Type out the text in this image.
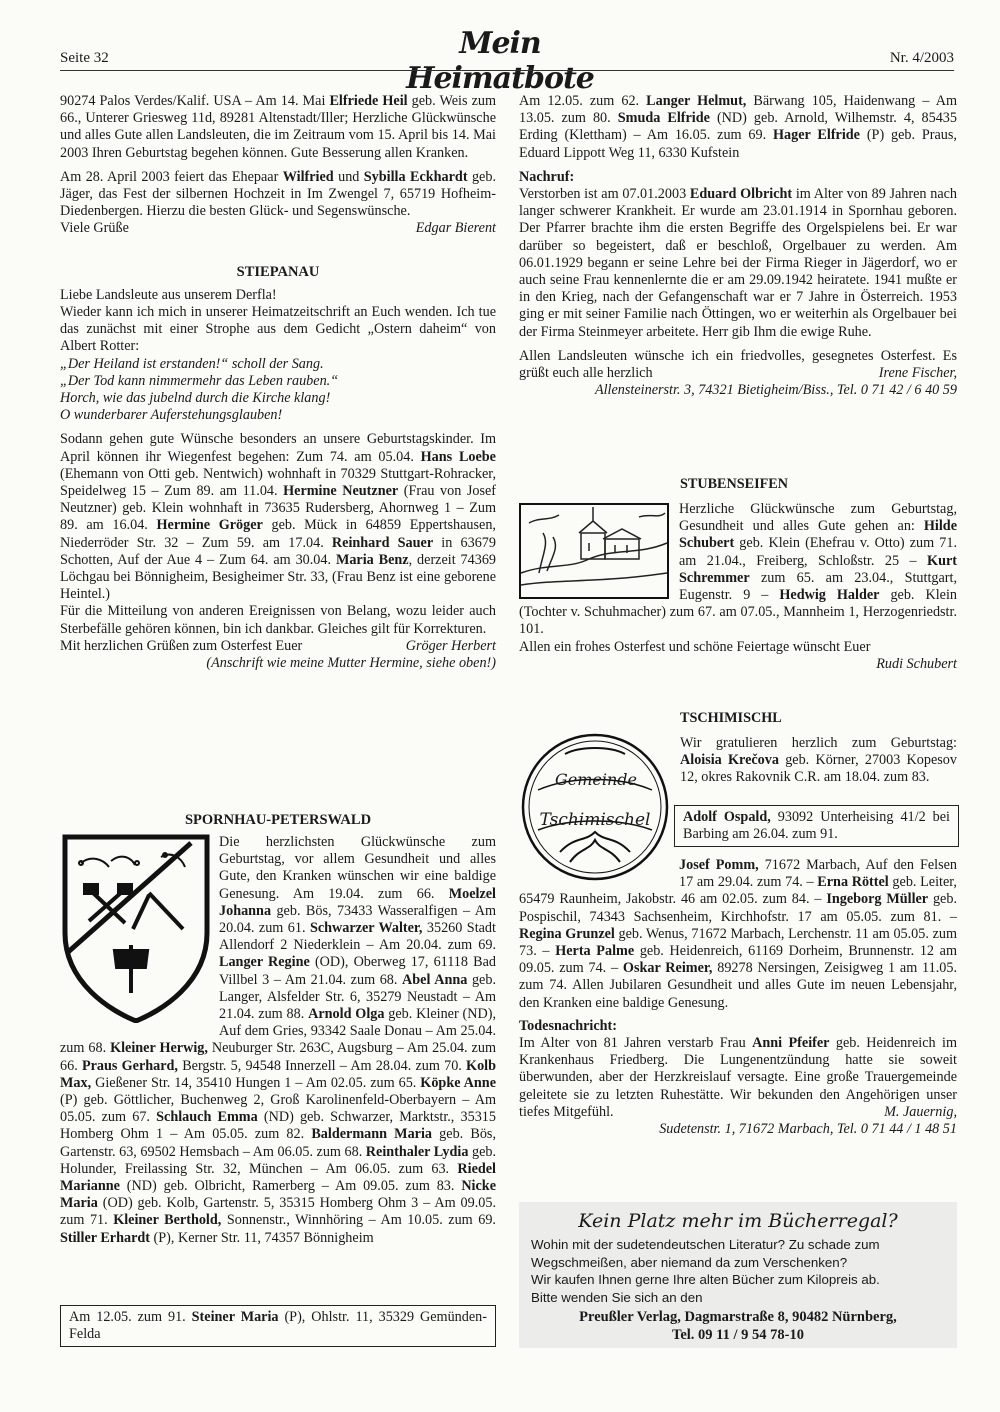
Seite 32	Mein Heimatbote
Nr. 4/2003

90274 Palos Verdes/Kalif. USA – Am 14. Mai Elfriede Heil geb. Weis zum 66., Unterer Griesweg 11d, 89281 Altenstadt/Iller; Herzliche Glückwünsche und alles Gute allen Landsleuten, die im Zeitraum vom 15. April bis 14. Mai 2003 Ihren Geburtstag begehen können. Gute Besserung allen Kranken.

Am 28. April 2003 feiert das Ehepaar Wilfried und Sybilla Eckhardt geb. Jäger, das Fest der silbernen Hochzeit in Im Zwengel 7, 65719 Hofheim-Diedenbergen. Hierzu die besten Glück- und Segenswünsche.

Viele Grüße	Edgar Bierent

STIEPANAU

Liebe Landsleute aus unserem Derfla!

Wieder kann ich mich in unserer Heimatzeitschrift an Euch wenden. Ich tue das zunächst mit einer Strophe aus dem Gedicht „Ostern daheim“ von Albert Rotter:

„Der Heiland ist erstanden!“ scholl der Sang.

„Der Tod kann nimmermehr das Leben rauben.“

Horch, wie das jubelnd durch die Kirche klang!

O wunderbarer Auferstehungsglauben!

Sodann gehen gute Wünsche besonders an unsere Geburtstagskinder. Im April können ihr Wiegenfest begehen: Zum 74. am 05.04. Hans Loebe (Ehemann von Otti geb. Nentwich) wohnhaft in 70329 Stuttgart-Rohracker, Speidelweg 15 – Zum 89. am 11.04. Hermine Neutzner (Frau von Josef Neutzner) geb. Klein wohnhaft in 73635 Rudersberg, Ahornweg 1 – Zum 89. am 16.04. Hermine Gröger geb. Mück in 64859 Eppertshausen, Niederröder Str. 32 – Zum 59. am 17.04. Reinhard Sauer in 63679 Schotten, Auf der Aue 4 – Zum 64. am 30.04. Maria Benz, derzeit 74369 Löchgau bei Bönnigheim, Besigheimer Str. 33, (Frau Benz ist eine geborene Heintel.)

Für die Mitteilung von anderen Ereignissen von Belang, wozu leider auch Sterbefälle gehören können, bin ich dankbar. Gleiches gilt für Korrekturen.

Mit herzlichen Grüßen zum Osterfest Euer	Gröger Herbert

(Anschrift wie meine Mutter Hermine, siehe oben!)

SPORNHAU-PETERSWALD

Die herzlichsten Glückwünsche zum Geburtstag, vor allem Gesundheit und alles Gute, den Kranken wünschen wir eine baldige Genesung. Am 19.04. zum 66. Moelzel Johanna geb. Bös, 73433 Wasseralfigen – Am 20.04. zum 61. Schwarzer Walter, 35260 Stadt Allendorf 2 Niederklein – Am 20.04. zum 69. Langer Regine (OD), Oberweg 17, 61118 Bad Villbel 3 – Am 21.04. zum 68. Abel Anna geb. Langer, Alsfelder Str. 6, 35279 Neustadt – Am 21.04. zum 88. Arnold Olga geb. Kleiner (ND), Auf dem Gries, 93342 Saale Donau – Am 25.04. zum 68. Kleiner Herwig, Neuburger Str. 263C, Augsburg – Am 25.04. zum 66. Praus Gerhard, Bergstr. 5, 94548 Innerzell – Am 28.04. zum 70. Kolb Max, Gießener Str. 14, 35410 Hungen 1 – Am 02.05. zum 65. Köpke Anne (P) geb. Göttlicher, Buchenweg 2, Groß Karolinenfeld-Oberbayern – Am 05.05. zum 67. Schlauch Emma (ND) geb. Schwarzer, Marktstr., 35315 Homberg Ohm 1 – Am 05.05. zum 82. Baldermann Maria geb. Bös, Gartenstr. 63, 69502 Hemsbach – Am 06.05. zum 68. Reinthaler Lydia geb. Holunder, Freilassing Str. 32, München – Am 06.05. zum 63. Riedel Marianne (ND) geb. Olbricht, Ramerberg – Am 09.05. zum 83. Nicke Maria (OD) geb. Kolb, Gartenstr. 5, 35315 Homberg Ohm 3 – Am 09.05. zum 71. Kleiner Berthold, Sonnenstr., Winnhöring – Am 10.05. zum 69. Stiller Erhardt (P), Kerner Str. 11, 74357 Bönnigheim

Am 12.05. zum 91. Steiner Maria (P), Ohlstr. 11, 35329 Gemünden-Felda

Am 12.05. zum 62. Langer Helmut, Bärwang 105, Haidenwang – Am 13.05. zum 80. Smuda Elfride (ND) geb. Arnold, Wilhemstr. 4, 85435 Erding (Klettham) – Am 16.05. zum 69. Hager Elfride (P) geb. Praus, Eduard Lippott Weg 11, 6330 Kufstein

Nachruf:

Verstorben ist am 07.01.2003 Eduard Olbricht im Alter von 89 Jahren nach langer schwerer Krankheit. Er wurde am 23.01.1914 in Spornhau geboren. Der Pfarrer brachte ihm die ersten Begriffe des Orgelspielens bei. Er war darüber so begeistert, daß er beschloß, Orgelbauer zu werden. Am 06.01.1929 begann er seine Lehre bei der Firma Rieger in Jägerdorf, wo er auch seine Frau kennenlernte die er am 29.09.1942 heiratete. 1941 mußte er in den Krieg, nach der Gefangenschaft war er 7 Jahre in Österreich. 1953 ging er mit seiner Familie nach Öttingen, wo er weiterhin als Orgelbauer bei der Firma Steinmeyer arbeitete. Herr gib Ihm die ewige Ruhe.

Allen Landsleuten wünsche ich ein friedvolles, gesegnetes Osterfest. Es grüßt euch alle herzlich	Irene Fischer,

Allensteinerstr. 3, 74321 Bietigheim/Biss., Tel. 0 71 42 / 6 40 59

STUBENSEIFEN

Herzliche Glückwünsche zum Geburtstag, Gesundheit und alles Gute gehen an: Hilde Schubert geb. Klein (Ehefrau v. Otto) zum 71. am 21.04., Freiberg, Schloßstr. 25 – Kurt Schremmer zum 65. am 23.04., Stuttgart, Eugenstr. 9 – Hedwig Halder geb. Klein (Tochter v. Schuhmacher) zum 67. am 07.05., Mannheim 1, Herzogenriedstr. 101.

Allen ein frohes Osterfest und schöne Feiertage wünscht Euer

Rudi Schubert

TSCHIMISCHL

Gemeinde
Tschimischel

Wir gratulieren herzlich zum Geburtstag: Aloisia Krečova geb. Körner, 27003 Kopesov 12, okres Rakovnik C.R. am 18.04. zum 83.

Adolf Ospald, 93092 Unterheising 41/2 bei Barbing am 26.04. zum 91.

Josef Pomm, 71672 Marbach, Auf den Felsen 17 am 29.04. zum 74. – Erna Röttel geb. Leiter, 65479 Raunheim, Jakobstr. 46 am 02.05. zum 84. – Ingeborg Müller geb. Pospischil, 74343 Sachsenheim, Kirchhofstr. 17 am 05.05. zum 81. – Regina Grunzel geb. Wenus, 71672 Marbach, Lerchenstr. 11 am 05.05. zum 73. – Herta Palme geb. Heidenreich, 61169 Dorheim, Brunnenstr. 12 am 09.05. zum 74. – Oskar Reimer, 89278 Nersingen, Zeisigweg 1 am 11.05. zum 74. Allen Jubilaren Gesundheit und alles Gute im neuen Lebensjahr, den Kranken eine baldige Genesung.

Todesnachricht:

Im Alter von 81 Jahren verstarb Frau Anni Pfeifer geb. Heidenreich im Krankenhaus Friedberg. Die Lungenentzündung hatte sie soweit überwunden, aber der Herzkreislauf versagte. Eine große Trauergemeinde geleitete sie zu letzten Ruhestätte. Wir bekunden den Angehörigen unser tiefes Mitgefühl.	M. Jauernig,

Sudetenstr. 1, 71672 Marbach, Tel. 0 71 44 / 1 48 51

Kein Platz mehr im Bücherregal?
Wohin mit der sudetendeutschen Literatur? Zu schade zum Wegschmeißen, aber niemand da zum Verschenken?
Wir kaufen Ihnen gerne Ihre alten Bücher zum Kilopreis ab.
Bitte wenden Sie sich an den
Preußler Verlag, Dagmarstraße 8, 90482 Nürnberg,
Tel. 09 11 / 9 54 78-10
